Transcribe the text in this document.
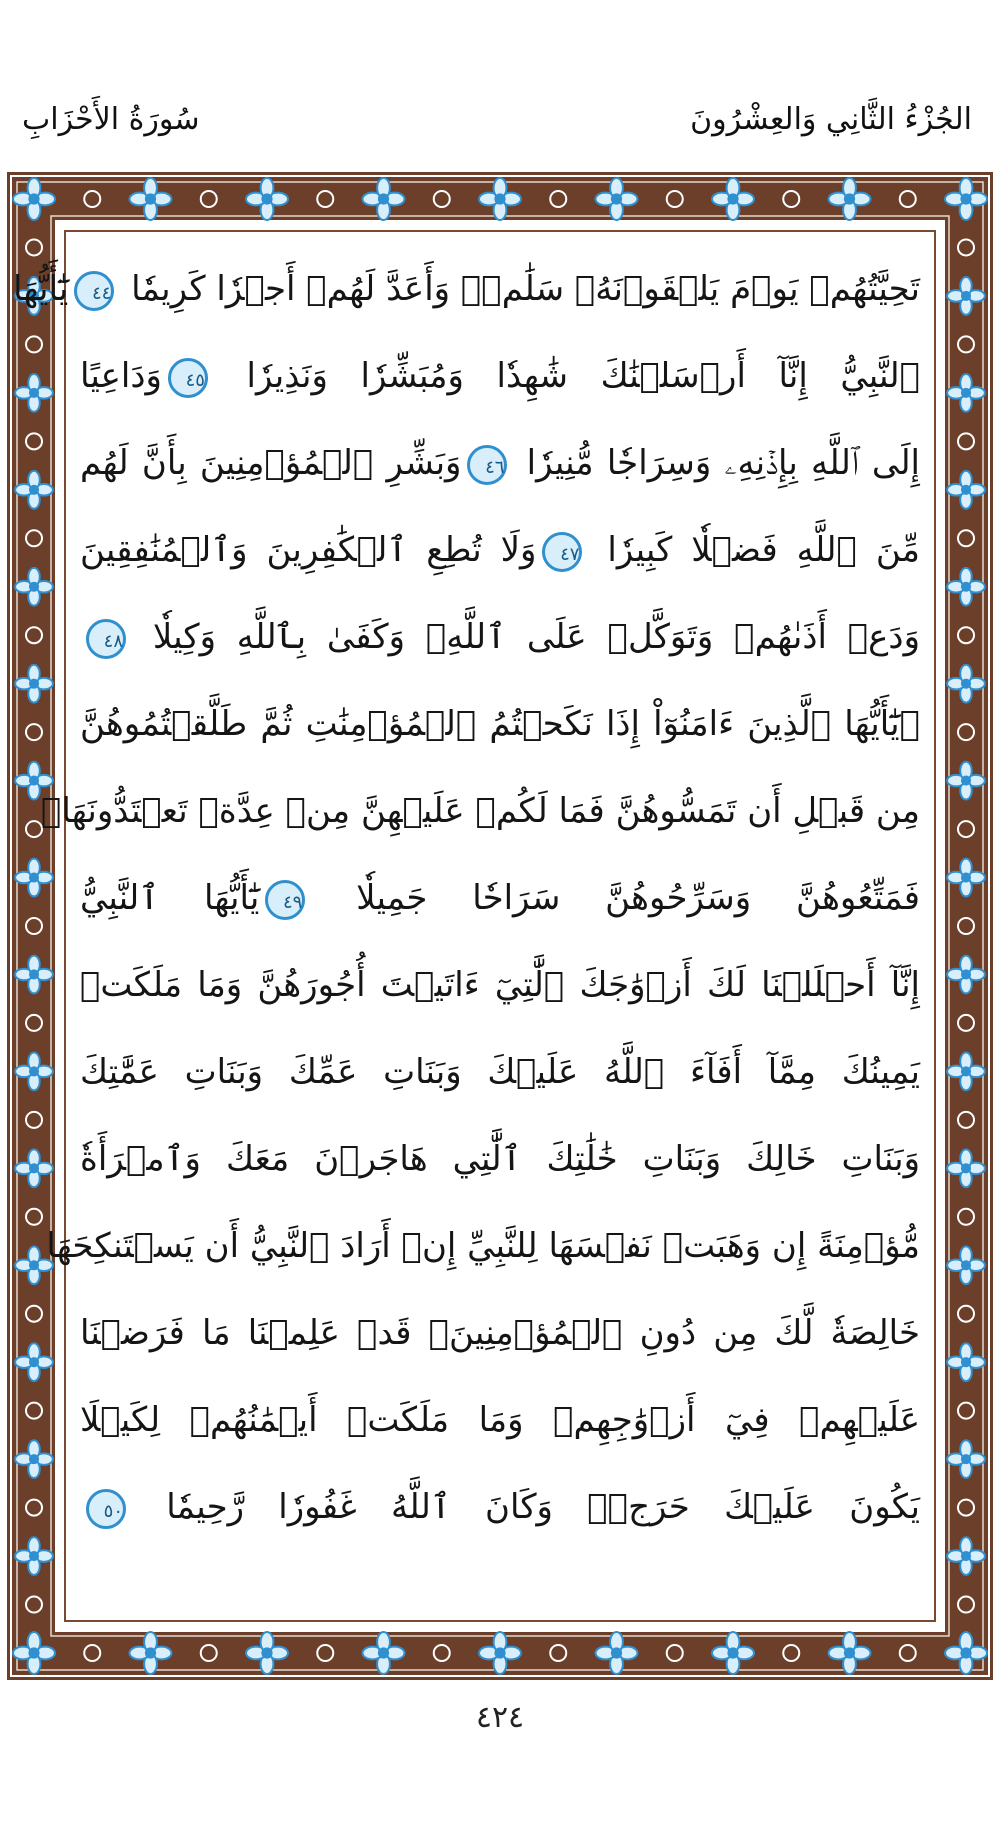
الجُزْءُ الثَّانِي وَالعِشْرُونَ
سُورَةُ الأَحْزَابِ
تَحِيَّتُهُمۡ يَوۡمَ يَلۡقَوۡنَهُۥ سَلَٰمٞۚ وَأَعَدَّ لَهُمۡ أَجۡرٗا كَرِيمٗا ٤٤يَٰٓأَيُّهَا
ٱلنَّبِيُّ إِنَّآ أَرۡسَلۡنَٰكَ شَٰهِدٗا وَمُبَشِّرٗا وَنَذِيرٗا ٤٥وَدَاعِيًا
إِلَى ٱللَّهِ بِإِذۡنِهِۦ وَسِرَاجٗا مُّنِيرٗا ٤٦وَبَشِّرِ ٱلۡمُؤۡمِنِينَ بِأَنَّ لَهُم
مِّنَ ٱللَّهِ فَضۡلٗا كَبِيرٗا ٤٧وَلَا تُطِعِ ٱلۡكَٰفِرِينَ وَٱلۡمُنَٰفِقِينَ
وَدَعۡ أَذَىٰهُمۡ وَتَوَكَّلۡ عَلَى ٱللَّهِۚ وَكَفَىٰ بِٱللَّهِ وَكِيلٗا ٤٨
۞يَٰٓأَيُّهَا ٱلَّذِينَ ءَامَنُوٓاْ إِذَا نَكَحۡتُمُ ٱلۡمُؤۡمِنَٰتِ ثُمَّ طَلَّقۡتُمُوهُنَّ
مِن قَبۡلِ أَن تَمَسُّوهُنَّ فَمَا لَكُمۡ عَلَيۡهِنَّ مِنۡ عِدَّةٖ تَعۡتَدُّونَهَاۖ
فَمَتِّعُوهُنَّ وَسَرِّحُوهُنَّ سَرَاحٗا جَمِيلٗا ٤٩يَٰٓأَيُّهَا ٱلنَّبِيُّ
إِنَّآ أَحۡلَلۡنَا لَكَ أَزۡوَٰجَكَ ٱلَّٰتِيٓ ءَاتَيۡتَ أُجُورَهُنَّ وَمَا مَلَكَتۡ
يَمِينُكَ مِمَّآ أَفَآءَ ٱللَّهُ عَلَيۡكَ وَبَنَاتِ عَمِّكَ وَبَنَاتِ عَمَّٰتِكَ
وَبَنَاتِ خَالِكَ وَبَنَاتِ خَٰلَٰتِكَ ٱلَّٰتِي هَاجَرۡنَ مَعَكَ وَٱمۡرَأَةٗ
مُّؤۡمِنَةً إِن وَهَبَتۡ نَفۡسَهَا لِلنَّبِيِّ إِنۡ أَرَادَ ٱلنَّبِيُّ أَن يَسۡتَنكِحَهَا
خَالِصَةٗ لَّكَ مِن دُونِ ٱلۡمُؤۡمِنِينَۗ قَدۡ عَلِمۡنَا مَا فَرَضۡنَا
عَلَيۡهِمۡ فِيٓ أَزۡوَٰجِهِمۡ وَمَا مَلَكَتۡ أَيۡمَٰنُهُمۡ لِكَيۡلَا
يَكُونَ عَلَيۡكَ حَرَجٞۗ وَكَانَ ٱللَّهُ غَفُورٗا رَّحِيمٗا ٥٠
٤٢٤
